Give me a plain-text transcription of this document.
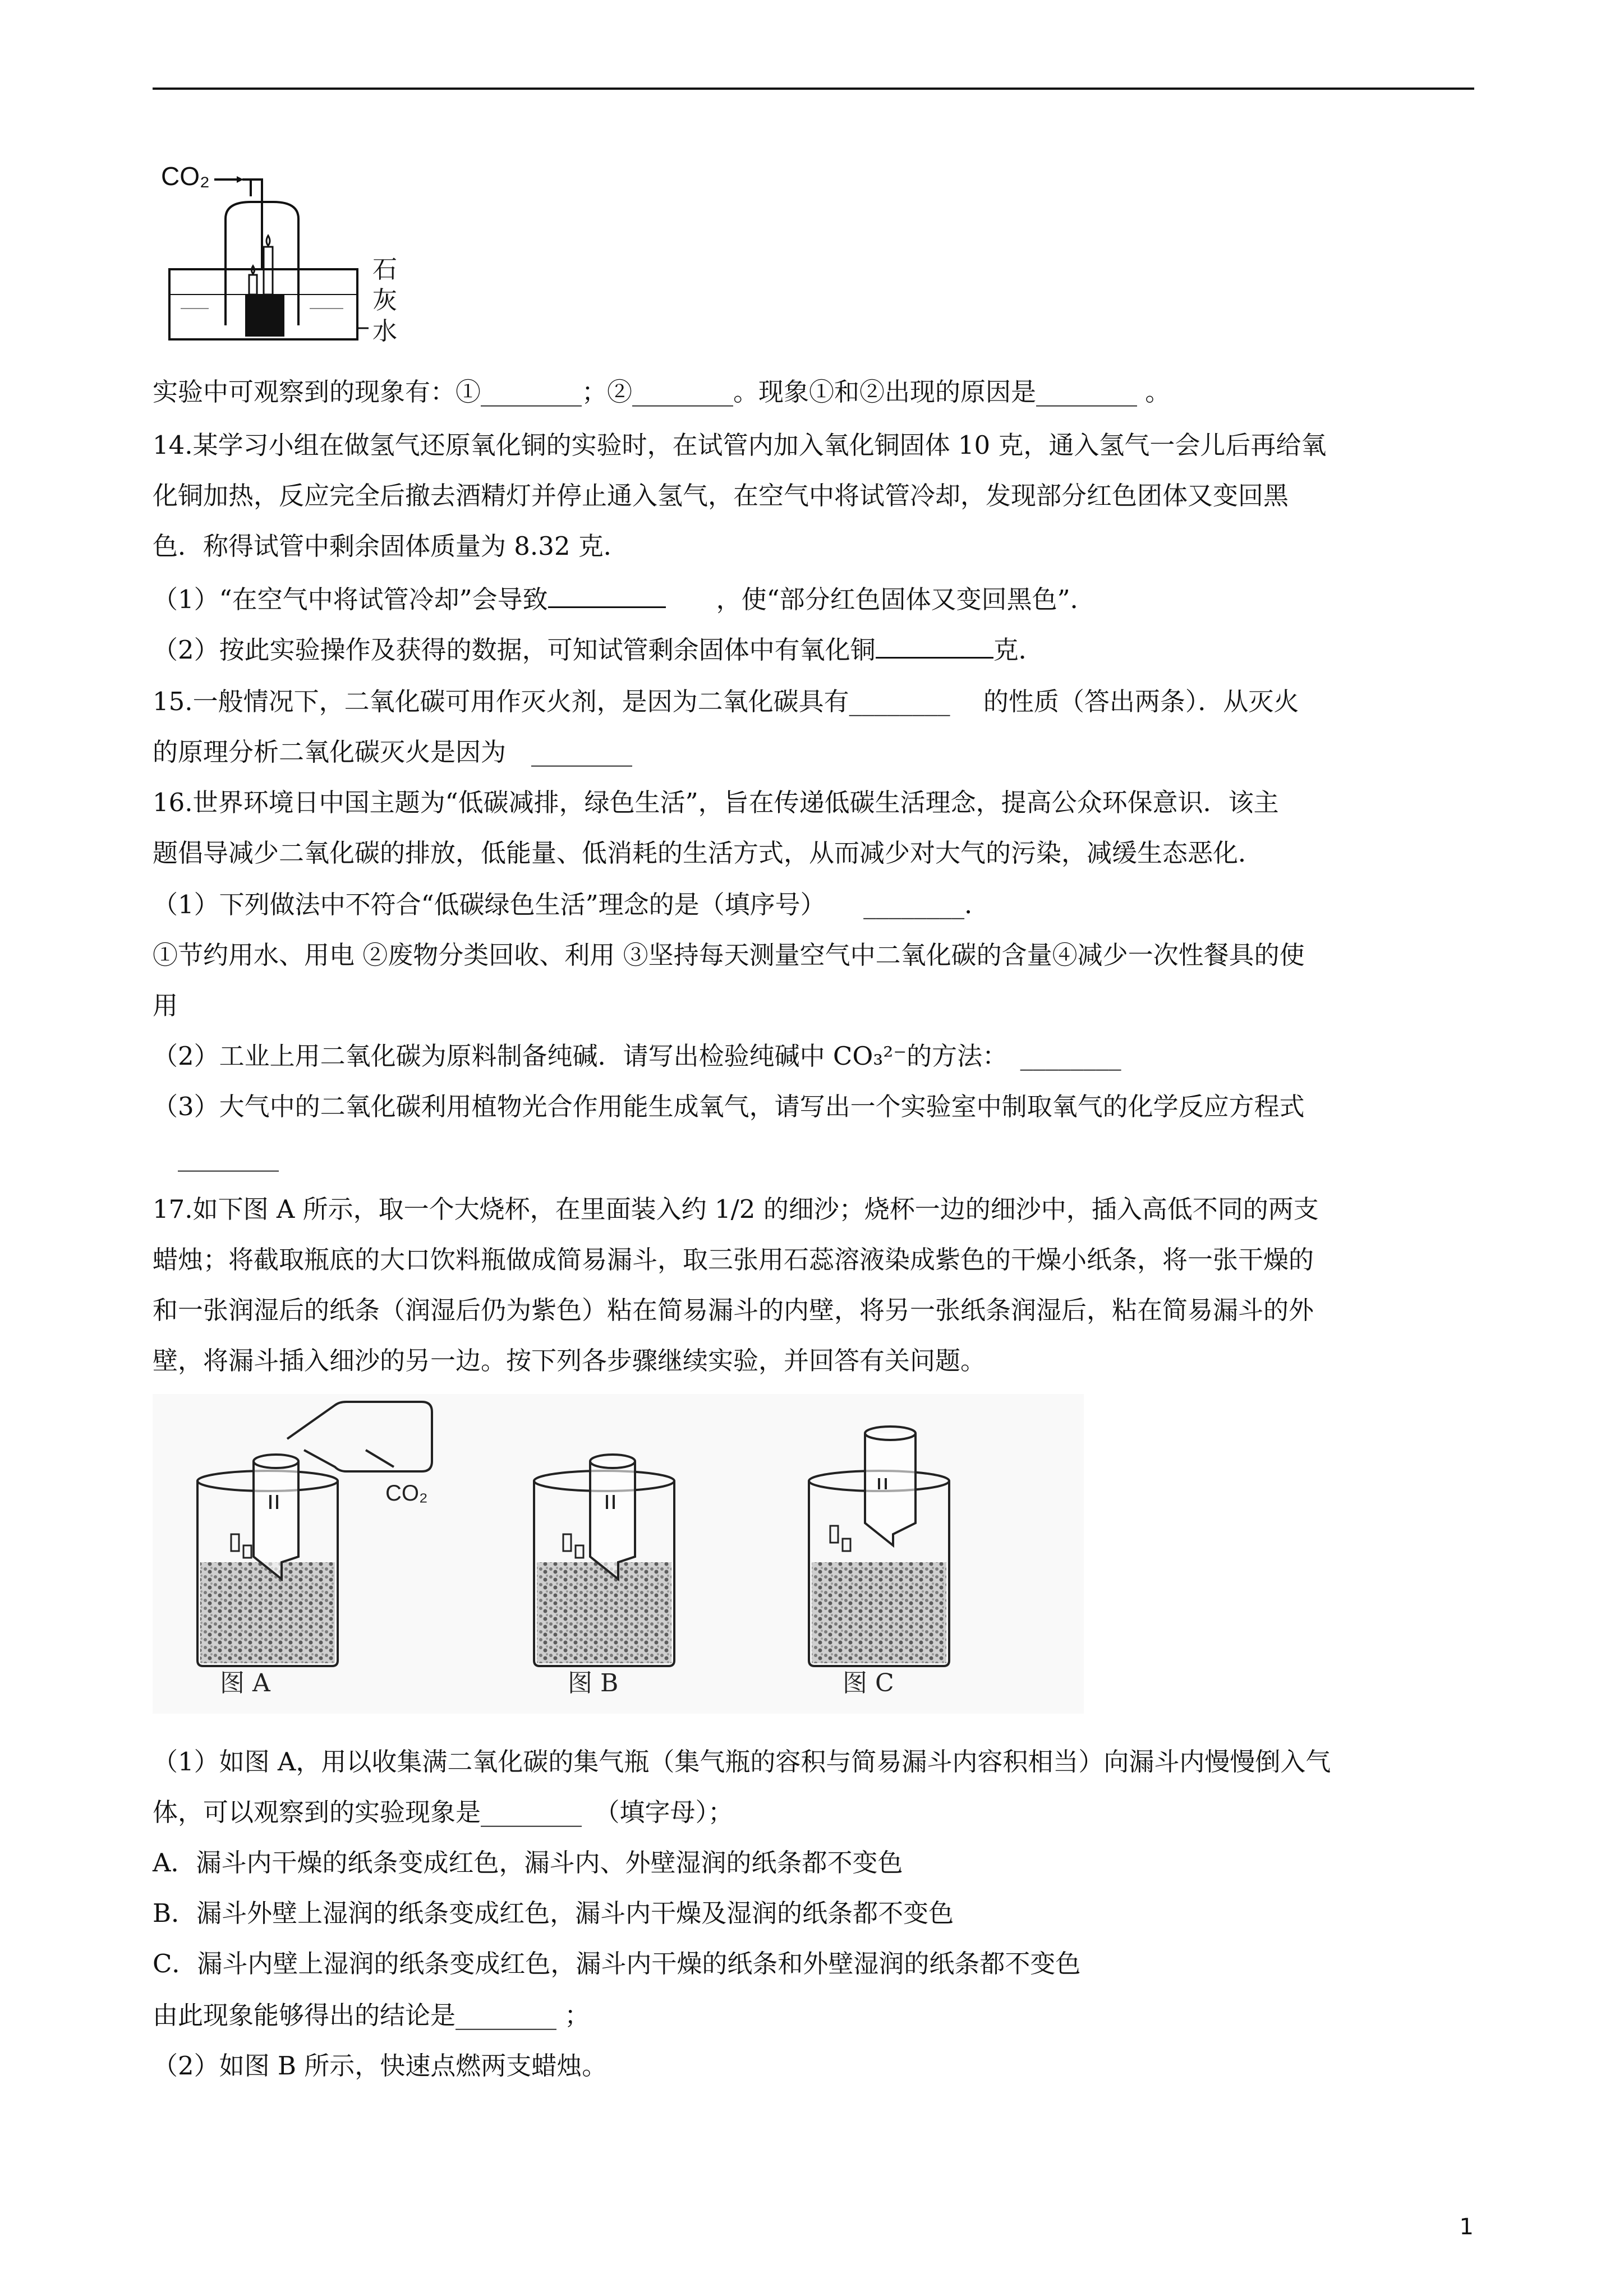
CO₂
石
灰
水
实验中可观察到的现象有：①________；②________。现象①和②出现的原因是________ 。
14.某学习小组在做氢气还原氧化铜的实验时，在试管内加入氧化铜固体 10 克，通入氢气一会儿后再给氧
化铜加热，反应完全后撤去酒精灯并停止通入氢气，在空气中将试管冷却，发现部分红色团体又变回黑
色．称得试管中剩余固体质量为 8.32 克．
（1）“在空气中将试管冷却”会导致	　　，使“部分红色固体又变回黑色”．
（2）按此实验操作及获得的数据，可知试管剩余固体中有氧化铜	克．
15.一般情况下，二氧化碳可用作灭火剂，是因为二氧化碳具有________ 　的性质（答出两条）．从灭火
的原理分析二氧化碳灭火是因为　________
16.世界环境日中国主题为“低碳减排，绿色生活”，旨在传递低碳生活理念，提高公众环保意识．该主
题倡导减少二氧化碳的排放，低能量、低消耗的生活方式，从而减少对大气的污染，减缓生态恶化．
（1）下列做法中不符合“低碳绿色生活”理念的是（填序号）　　________．
①节约用水、用电 ②废物分类回收、利用 ③坚持每天测量空气中二氧化碳的含量④减少一次性餐具的使
用
（2）工业上用二氧化碳为原料制备纯碱．请写出检验纯碱中 CO₃²⁻的方法：　________
（3）大气中的二氧化碳利用植物光合作用能生成氧气，请写出一个实验室中制取氧气的化学反应方程式
　________
17.如下图 A 所示，取一个大烧杯，在里面装入约 1/2 的细沙；烧杯一边的细沙中，插入高低不同的两支
蜡烛；将截取瓶底的大口饮料瓶做成简易漏斗，取三张用石蕊溶液染成紫色的干燥小纸条，将一张干燥的
和一张润湿后的纸条（润湿后仍为紫色）粘在简易漏斗的内壁，将另一张纸条润湿后，粘在简易漏斗的外
壁，将漏斗插入细沙的另一边。按下列各步骤继续实验，并回答有关问题。
CO₂
图 A	图 B	图 C
（1）如图 A，用以收集满二氧化碳的集气瓶（集气瓶的容积与简易漏斗内容积相当）向漏斗内慢慢倒入气
体，可以观察到的实验现象是________　（填字母）；
A．漏斗内干燥的纸条变成红色，漏斗内、外壁湿润的纸条都不变色
B．漏斗外壁上湿润的纸条变成红色，漏斗内干燥及湿润的纸条都不变色
C．漏斗内壁上湿润的纸条变成红色，漏斗内干燥的纸条和外壁湿润的纸条都不变色
由此现象能够得出的结论是________ ；
（2）如图 B 所示，快速点燃两支蜡烛。
1
